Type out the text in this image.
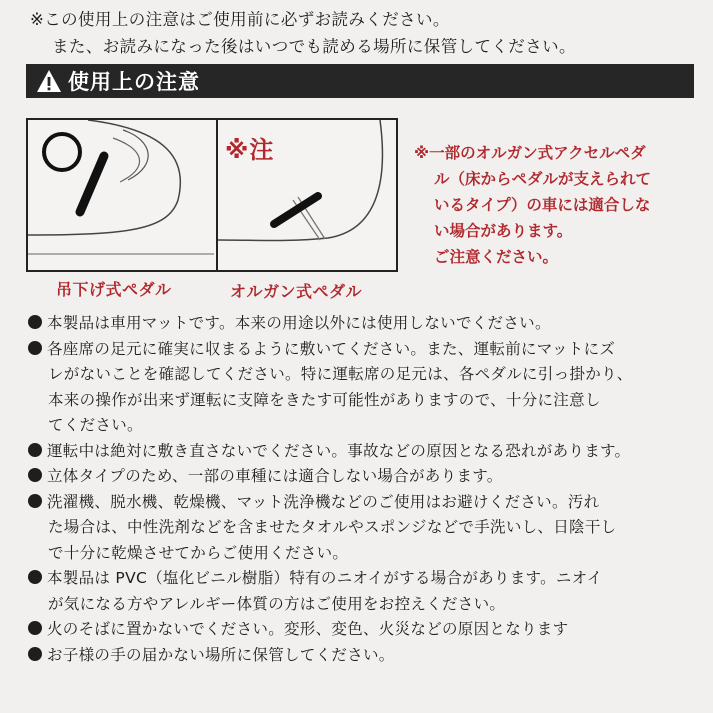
※この使用上の注意はご使用前に必ずお読みください。
また、お読みになった後はいつでも読める場所に保管してください。
使用上の注意
※注
吊下げ式ペダル	オルガン式ペダル
※一部のオルガン式アクセルペダ
ル（床からペダルが支えられて
いるタイプ）の車には適合しな
い場合があります。
ご注意ください。
本製品は車用マットです。本来の用途以外には使用しないでください。
各座席の足元に確実に収まるように敷いてください。また、運転前にマットにズ
レがないことを確認してください。特に運転席の足元は、各ペダルに引っ掛かり、
本来の操作が出来ず運転に支障をきたす可能性がありますので、十分に注意し
てください。
運転中は絶対に敷き直さないでください。事故などの原因となる恐れがあります。
立体タイプのため、一部の車種には適合しない場合があります。
洗濯機、脱水機、乾燥機、マット洗浄機などのご使用はお避けください。汚れ
た場合は、中性洗剤などを含ませたタオルやスポンジなどで手洗いし、日陰干し
で十分に乾燥させてからご使用ください。
本製品は PVC（塩化ビニル樹脂）特有のニオイがする場合があります。ニオイ
が気になる方やアレルギー体質の方はご使用をお控えください。
火のそばに置かないでください。変形、変色、火災などの原因となります
お子様の手の届かない場所に保管してください。
